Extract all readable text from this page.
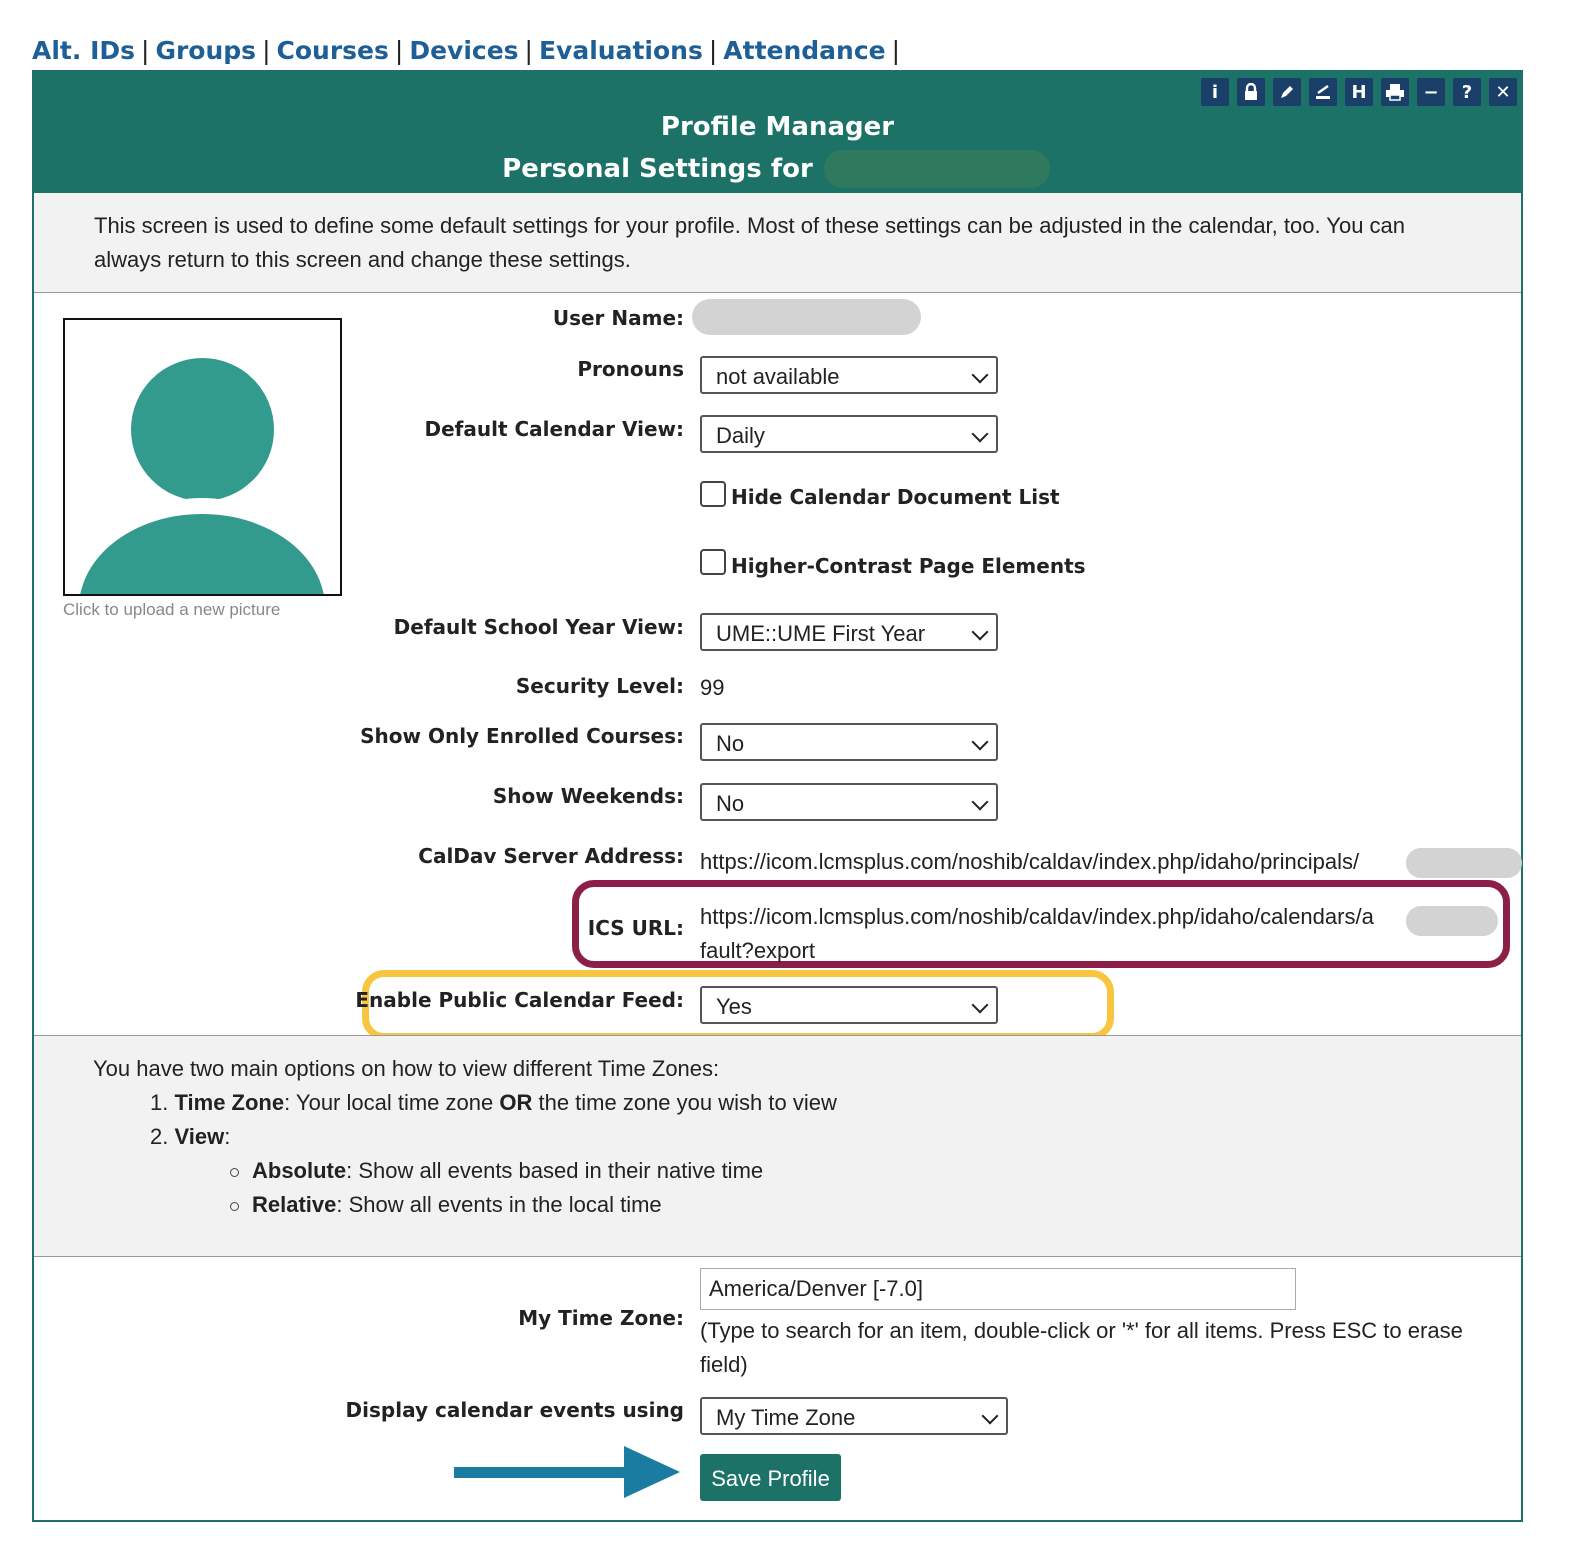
Alt. IDs | Groups | Courses | Devices | Evaluations | Attendance |
i	H	−	?	✕
Profile Manager
Personal Settings for
This screen is used to define some default settings for your profile. Most of these settings can be adjusted in the calendar, too. You can always return to this screen and change these settings.
Click to upload a new picture
User Name:
Pronouns	not available
Default Calendar View:	Daily
Hide Calendar Document List
Higher-Contrast Page Elements
Default School Year View:	UME::UME First Year
Security Level: 99
Show Only Enrolled Courses:	No
Show Weekends:	No
CalDav Server Address: https://icom.lcmsplus.com/noshib/caldav/index.php/idaho/principals/
ICS URL: https://icom.lcmsplus.com/noshib/caldav/index.php/idaho/calendars/a
fault?export
Enable Public Calendar Feed:	Yes
You have two main options on how to view different Time Zones:
1. Time Zone: Your local time zone OR the time zone you wish to view
2. View:
Absolute: Show all events based in their native time
Relative: Show all events in the local time
My Time Zone:
America/Denver [-7.0]
(Type to search for an item, double-click or '*' for all items. Press ESC to erase field)
Display calendar events using	My Time Zone
Save Profile
